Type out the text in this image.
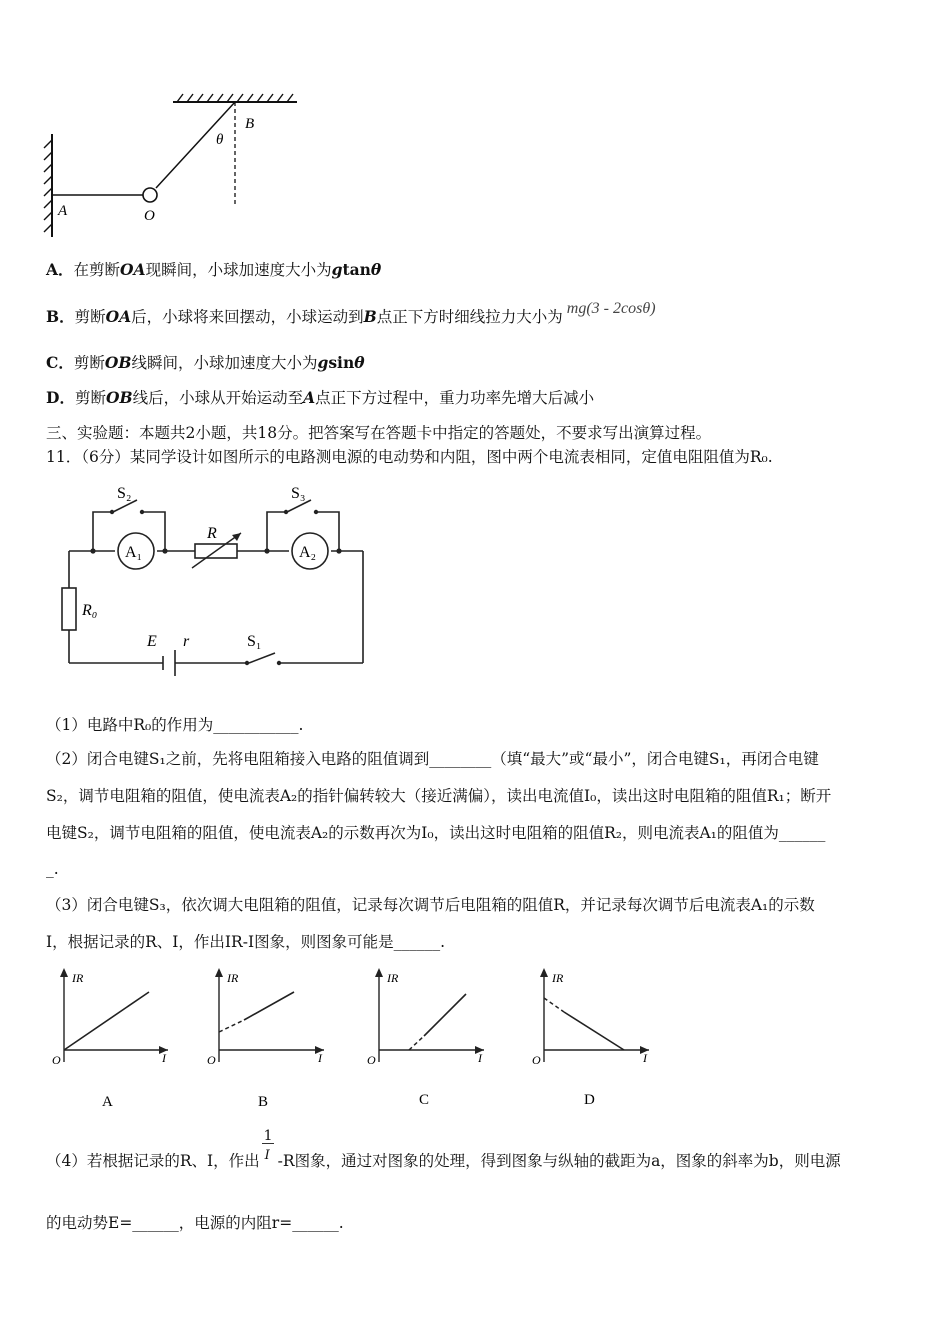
A	O
B
θ
A．在剪断OA现瞬间，小球加速度大小为gtanθ
B．剪断OA后，小球将来回摆动，小球运动到B点正下方时细线拉力大小为 mg(3 - 2cosθ)
C．剪断OB线瞬间，小球加速度大小为gsinθ
D．剪断OB线后，小球从开始运动至A点正下方过程中，重力功率先增大后减小
三、实验题：本题共2小题，共18分。把答案写在答题卡中指定的答题处，不要求写出演算过程。
11．（6分）某同学设计如图所示的电路测电源的电动势和内阻，图中两个电流表相同，定值电阻阻值为R₀.
S₂	S₃
A₁	A₂
R
R₀
E r	S₁
（1）电路中R₀的作用为___________.
（2）闭合电键S₁之前，先将电阻箱接入电路的阻值调到________（填“最大”或“最小”，闭合电键S₁，再闭合电键
S₂，调节电阻箱的阻值，使电流表A₂的指针偏转较大（接近满偏），读出电流值I₀，读出这时电阻箱的阻值R₁；断开
电键S₂，调节电阻箱的阻值，使电流表A₂的示数再次为I₀，读出这时电阻箱的阻值R₂，则电流表A₁的阻值为______
_.
（3）闭合电键S₃，依次调大电阻箱的阻值，记录每次调节后电阻箱的阻值R，并记录每次调节后电流表A₁的示数
I，根据记录的R、I，作出IR-I图象，则图象可能是______.
IR
I
O
A
IR
I
O
B
IR
I
O
C
IR
I
O
D
（4）若根据记录的R、I，作出 $\frac{1}{I} -R$图象，通过对图象的处理，得到图象与纵轴的截距为a，图象的斜率为b，则电源
的电动势E=______，电源的内阻r=______.
